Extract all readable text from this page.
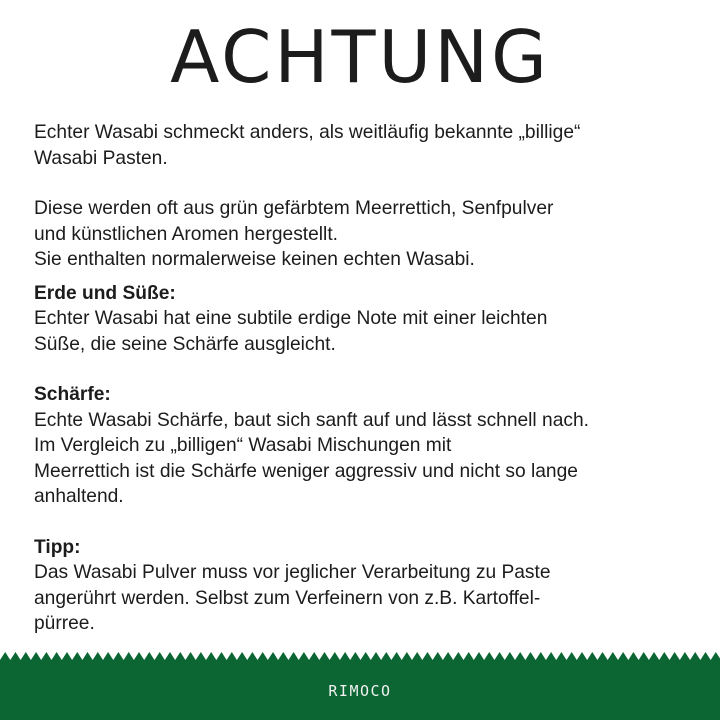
ACHTUNG

Echter Wasabi schmeckt anders, als weitläufig bekannte „billige“
Wasabi Pasten.

Diese werden oft aus grün gefärbtem Meerrettich, Senfpulver
und künstlichen Aromen hergestellt.
Sie enthalten normalerweise keinen echten Wasabi.

Erde und Süße:
Echter Wasabi hat eine subtile erdige Note mit einer leichten
Süße, die seine Schärfe ausgleicht.
Schärfe:
Echte Wasabi Schärfe, baut sich sanft auf und lässt schnell nach.
Im Vergleich zu „billigen“ Wasabi Mischungen mit
Meerrettich ist die Schärfe weniger aggressiv und nicht so lange
anhaltend.
Tipp:
Das Wasabi Pulver muss vor jeglicher Verarbeitung zu Paste
angerührt werden. Selbst zum Verfeinern von z.B. Kartoffel-
pürree.
RIMOCO
